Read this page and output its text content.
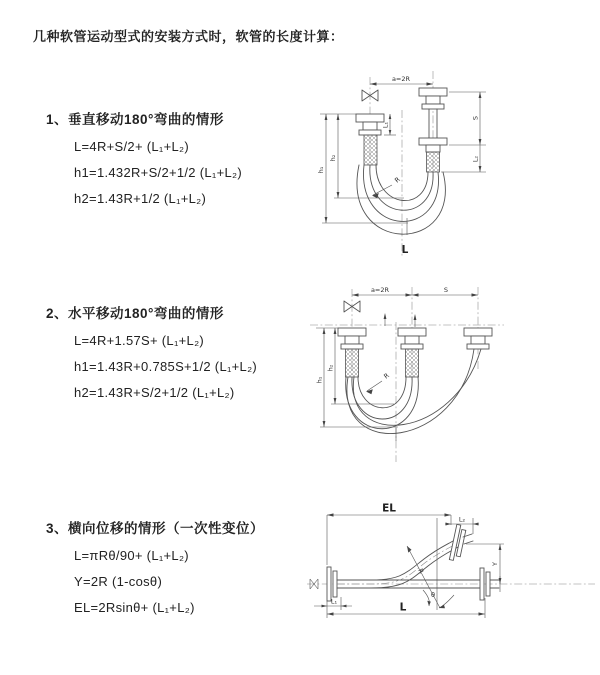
几种软管运动型式的安装方式时，软管的长度计算：
1、垂直移动180°弯曲的情形
L=4R+S/2+ (L₁+L₂)
h1=1.432R+S/2+1/2 (L₁+L₂)
h2=1.43R+1/2 (L₁+L₂)
2、水平移动180°弯曲的情形
L=4R+1.57S+ (L₁+L₂)
h1=1.43R+0.785S+1/2 (L₁+L₂)
h2=1.43R+S/2+1/2 (L₁+L₂)
3、横向位移的情形（一次性变位）
L=πRθ/90+ (L₁+L₂)
Y=2R (1-cosθ)
EL=2Rsinθ+ (L₁+L₂)
a=2R
h₁
h₂
L₁
R
S
L₂
L
a=2R	S
h₁
h₂
R
EL
L₂
Y
L
L₁
R
θ
